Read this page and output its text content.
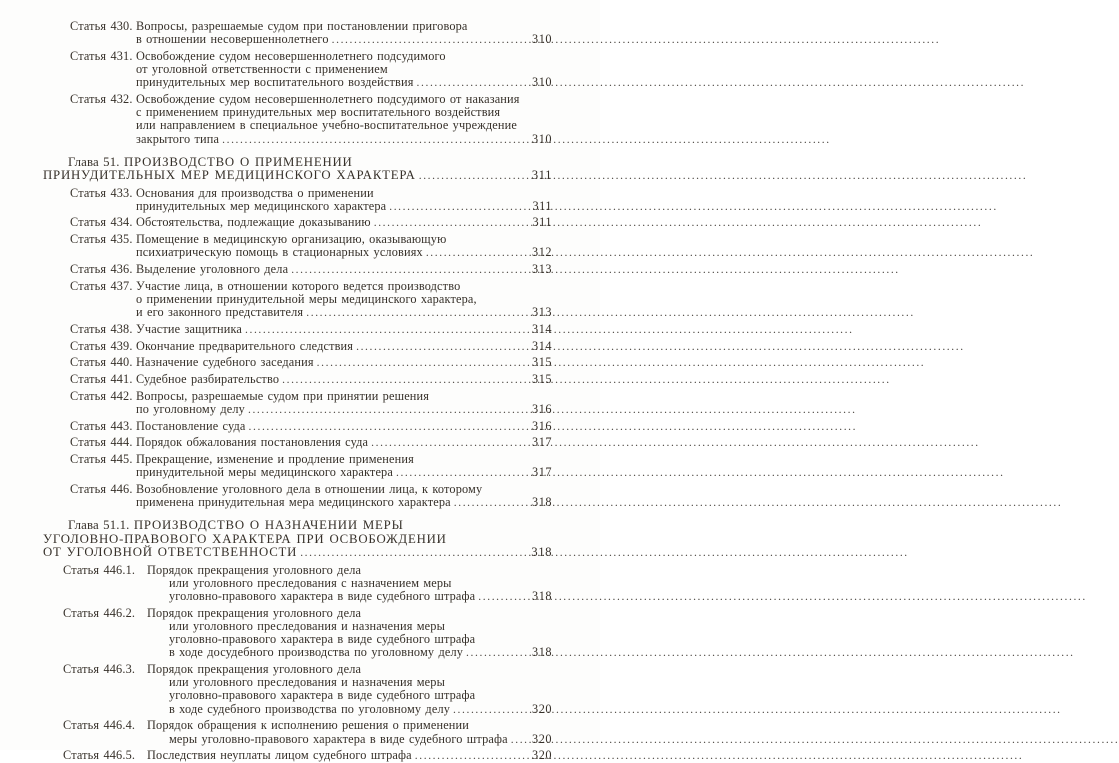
Статья 430. Вопросы, разрешаемые судом при постановлении приговора
в отношении несовершеннолетнего .....	310
Статья 431. Освобождение судом несовершеннолетнего подсудимого
от уголовной ответственности с применением
принудительных мер воспитательного воздействия .....	310
Статья 432. Освобождение судом несовершеннолетнего подсудимого от наказания
с применением принудительных мер воспитательного воздействия
или направлением в специальное учебно-воспитательное учреждение
закрытого типа .....	310
Глава 51. ПРОИЗВОДСТВО О ПРИМЕНЕНИИ
ПРИНУДИТЕЛЬНЫХ МЕР МЕДИЦИНСКОГО ХАРАКТЕРА .....	311
Статья 433. Основания для производства о применении
принудительных мер медицинского характера .....	311
Статья 434. Обстоятельства, подлежащие доказыванию .....	311
Статья 435. Помещение в медицинскую организацию, оказывающую
психиатрическую помощь в стационарных условиях .....	312
Статья 436. Выделение уголовного дела .....	313
Статья 437. Участие лица, в отношении которого ведется производство
о применении принудительной меры медицинского характера,
и его законного представителя .....	313
Статья 438. Участие защитника .....	314
Статья 439. Окончание предварительного следствия .....	314
Статья 440. Назначение судебного заседания .....	315
Статья 441. Судебное разбирательство .....	315
Статья 442. Вопросы, разрешаемые судом при принятии решения
по уголовному делу .....	316
Статья 443. Постановление суда .....	316
Статья 444. Порядок обжалования постановления суда .....	317
Статья 445. Прекращение, изменение и продление применения
принудительной меры медицинского характера .....	317
Статья 446. Возобновление уголовного дела в отношении лица, к которому
применена принудительная мера медицинского характера .....	318
Глава 51.1. ПРОИЗВОДСТВО О НАЗНАЧЕНИИ МЕРЫ
УГОЛОВНО-ПРАВОВОГО ХАРАКТЕРА ПРИ ОСВОБОЖДЕНИИ
ОТ УГОЛОВНОЙ ОТВЕТСТВЕННОСТИ .....	318
Статья 446.1. Порядок прекращения уголовного дела
или уголовного преследования с назначением меры
уголовно-правового характера в виде судебного штрафа .....	318
Статья 446.2. Порядок прекращения уголовного дела
или уголовного преследования и назначения меры
уголовно-правового характера в виде судебного штрафа
в ходе досудебного производства по уголовному делу .....	318
Статья 446.3. Порядок прекращения уголовного дела
или уголовного преследования и назначения меры
уголовно-правового характера в виде судебного штрафа
в ходе судебного производства по уголовному делу .....	320
Статья 446.4. Порядок обращения к исполнению решения о применении
меры уголовно-правового характера в виде судебного штрафа .....	320
Статья 446.5. Последствия неуплаты лицом судебного штрафа .....	320
